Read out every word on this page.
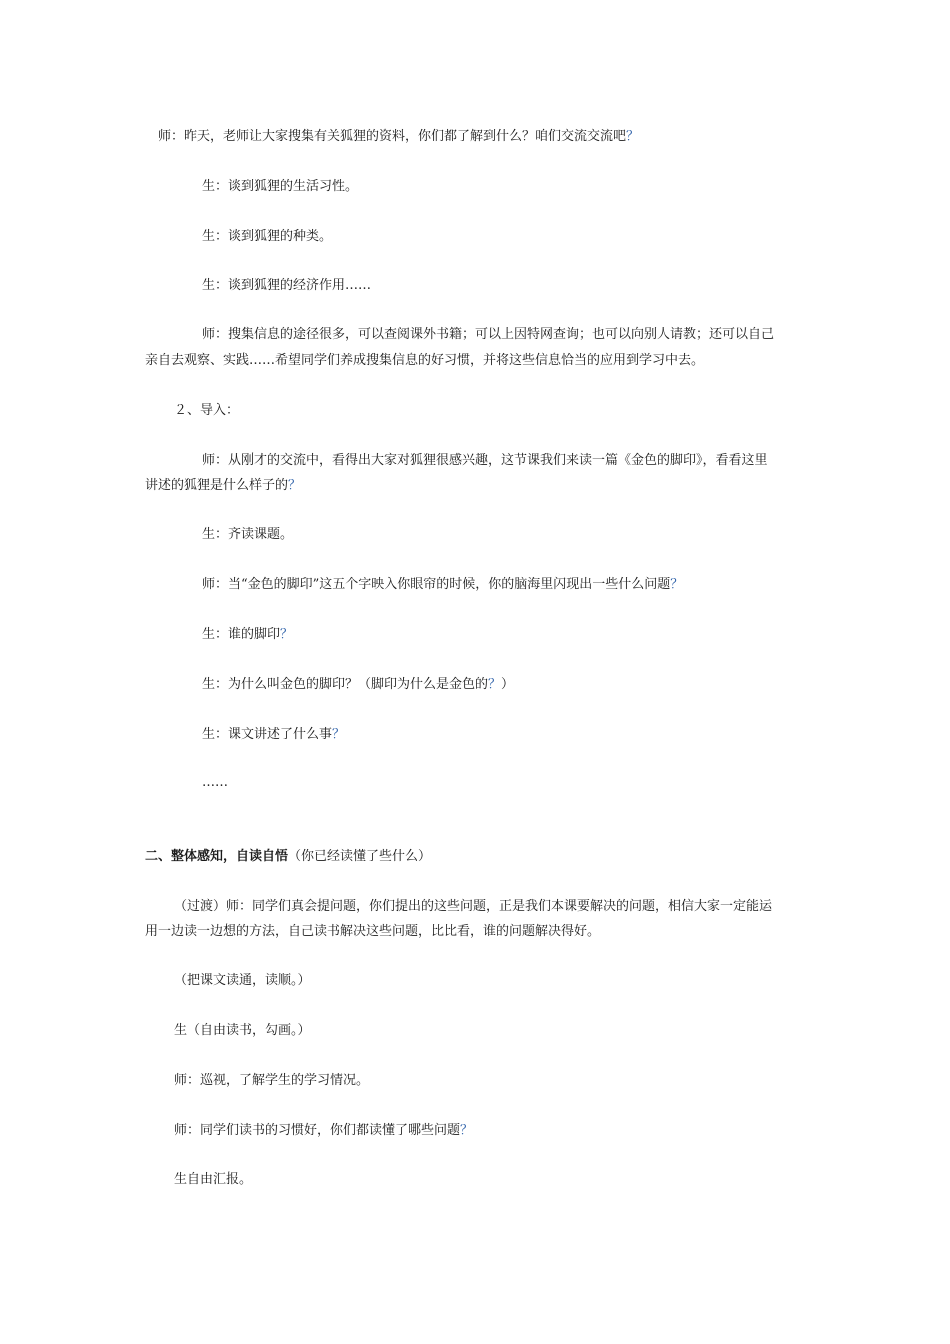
师：昨天，老师让大家搜集有关狐狸的资料，你们都了解到什么？咱们交流交流吧？
生：谈到狐狸的生活习性。
生：谈到狐狸的种类。
生：谈到狐狸的经济作用……
师：搜集信息的途径很多，可以查阅课外书籍；可以上因特网查询；也可以向别人请教；还可以自己
亲自去观察、实践……希望同学们养成搜集信息的好习惯，并将这些信息恰当的应用到学习中去。
２、导入：
师：从刚才的交流中，看得出大家对狐狸很感兴趣，这节课我们来读一篇《金色的脚印》，看看这里
讲述的狐狸是什么样子的？
生：齐读课题。
师：当“金色的脚印”这五个字映入你眼帘的时候，你的脑海里闪现出一些什么问题？
生：谁的脚印？
生：为什么叫金色的脚印？（脚印为什么是金色的？）
生：课文讲述了什么事？
……
二、整体感知，自读自悟（你已经读懂了些什么）
（过渡）师：同学们真会提问题，你们提出的这些问题，正是我们本课要解决的问题，相信大家一定能运
用一边读一边想的方法，自己读书解决这些问题，比比看，谁的问题解决得好。
（把课文读通，读顺。）
生（自由读书，勾画。）
师：巡视，了解学生的学习情况。
师：同学们读书的习惯好，你们都读懂了哪些问题？
生自由汇报。
